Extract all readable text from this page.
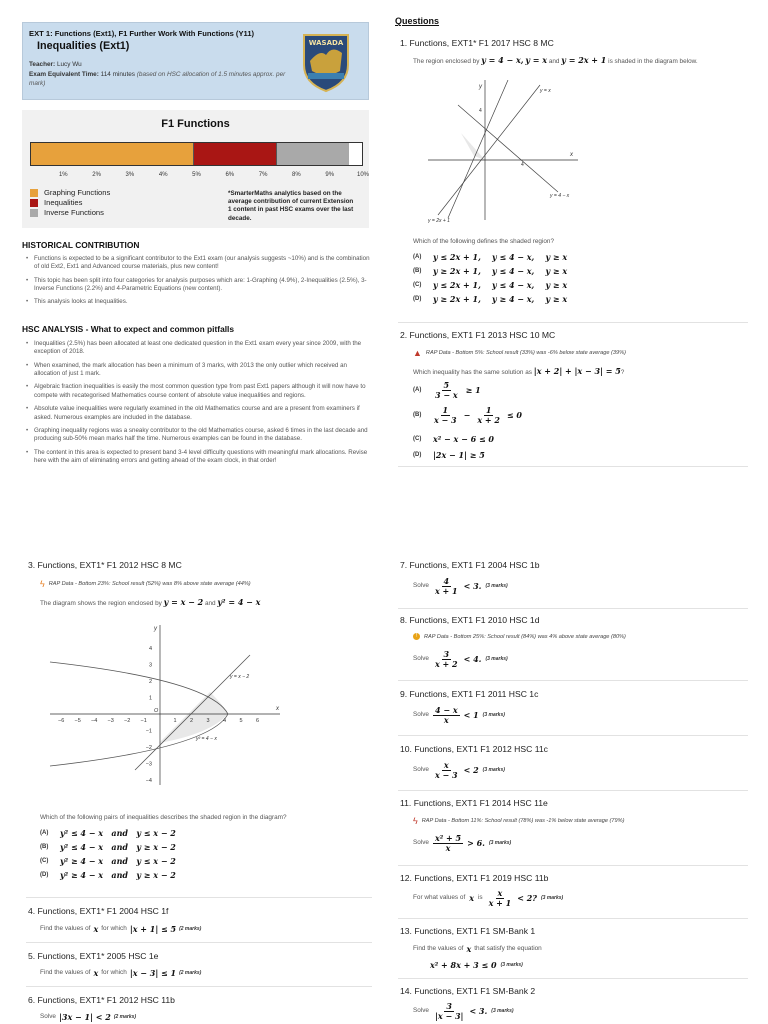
EXT 1: Functions (Ext1), F1 Further Work With Functions (Y11)
Inequalities (Ext1)
Teacher: Lucy Wu
Exam Equivalent Time: 114 minutes (based on HSC allocation of 1.5 minutes approx. per mark)
WASADA
F1 Functions
1%	2%	3%	4%	5%	6%	7%	8%	9%	10%
Graphing Functions
Inequalities
Inverse Functions
*SmarterMaths analytics based on the average contribution of current Extension 1 content in past HSC exams over the last decade.
HISTORICAL CONTRIBUTION
• Functions is expected to be a significant contributor to the Ext1 exam (our analysis suggests ~10%) and is the combination of old Ext2, Ext1 and Advanced course materials, plus new content!
• This topic has been split into four categories for analysis purposes which are: 1-Graphing (4.9%), 2-Inequalities (2.5%), 3-Inverse Functions (2.2%) and 4-Parametric Equations (new content).
• This analysis looks at Inequalities.
HSC ANALYSIS - What to expect and common pitfalls
• Inequalities (2.5%) has been allocated at least one dedicated question in the Ext1 exam every year since 2009, with the exception of 2018.
• When examined, the mark allocation has been a minimum of 3 marks, with 2013 the only outlier which received an allocation of just 1 mark.
• Algebraic fraction inequalities is easily the most common question type from past Ext1 papers although it will now have to compete with recategorised Mathematics course content of absolute value inequalities and regions.
• Absolute value inequalities were regularly examined in the old Mathematics course and are a present from examiners if asked. Numerous examples are included in the database.
• Graphing inequality regions was a sneaky contributor to the old Mathematics course, asked 6 times in the last decade and producing sub-50% mean marks half the time. Numerous examples can be found in the database.
• The content in this area is expected to present band 3-4 level difficulty questions with meaningful mark allocations. Revise here with the aim of eliminating errors and getting ahead of the exam clock, in that order!
Questions
1. Functions, EXT1* F1 2017 HSC 8 MC
The region enclosed by y = 4 − x, y = x and y = 2x + 1 is shaded in the diagram below.
y
x
4
4
y = x
y = 4 − x
y = 2x + 1
Which of the following defines the shaded region?
(A)	y ≤ 2x + 1,    y ≤ 4 − x,    y ≥ x
(B)	y ≥ 2x + 1,    y ≤ 4 − x,    y ≥ x
(C)	y ≤ 2x + 1,    y ≤ 4 − x,    y ≥ x
(D)	y ≥ 2x + 1,    y ≥ 4 − x,    y ≥ x
2. Functions, EXT1 F1 2013 HSC 10 MC
▲ RAP Data - Bottom 5%: School result (33%) was -6% below state average (39%)
Which inequality has the same solution as |x + 2| + |x − 3| = 5?
(A)	$\frac{5}{3 - x} \ge 1$
(B)	$\frac{1}{x - 3} - \frac{1}{x + 2} \le 0$
(C)	x² − x − 6 ≤ 0
(D)	|2x − 1| ≥ 5
3. Functions, EXT1* F1 2012 HSC 8 MC
ϟ RAP Data - Bottom 23%: School result (52%) was 8% above state average (44%)
The diagram shows the region enclosed by y = x − 2 and y² = 4 − x
−6 −5 −4 −3 −2 −1	1 2 3 4 5 6
4
3
2
1
−1
−2
−3
−4
y
x
O
y = x − 2
y² = 4 − x
Which of the following pairs of inequalities describes the shaded region in the diagram?
(A)	y² ≤ 4 − x   and   y ≤ x − 2
(B)	y² ≤ 4 − x   and   y ≥ x − 2
(C)	y² ≥ 4 − x   and   y ≤ x − 2
(D)	y² ≥ 4 − x   and   y ≥ x − 2
4. Functions, EXT1* F1 2004 HSC 1f
Find the values of x for which |x + 1| ≤ 5 (2 marks)
5. Functions, EXT1* 2005 HSC 1e
Find the values of x for which |x − 3| ≤ 1 (2 marks)
6. Functions, EXT1* F1 2012 HSC 11b
Solve |3x − 1| < 2 (2 marks)
7. Functions, EXT1 F1 2004 HSC 1b
Solve $\frac{4}{x + 1} < 3$. (3 marks)
8. Functions, EXT1 F1 2010 HSC 1d
!	RAP Data - Bottom 25%: School result (84%) was 4% above state average (80%)
Solve $\frac{3}{x + 2} < 4$. (3 marks)
9. Functions, EXT1 F1 2011 HSC 1c
Solve $\frac{4 - x}{x} < 1$ (3 marks)
10. Functions, EXT1 F1 2012 HSC 11c
Solve $\frac{x}{x - 3} < 2$ (3 marks)
11. Functions, EXT1 F1 2014 HSC 11e
ϟ RAP Data - Bottom 11%: School result (78%) was -1% below state average (79%)
Solve $\frac{\text{x² + 5}}{x} > 6$. (3 marks)
12. Functions, EXT1 F1 2019 HSC 11b
For what values of x is $\frac{x}{x + 1} < 2$? (3 marks)
13. Functions, EXT1 F1 SM-Bank 1
Find the values of x that satisfy the equation
x² + 8x + 3 ≤ 0 (3 marks)
14. Functions, EXT1 F1 SM-Bank 2
Solve $\frac{3}{|x - 3|} < 3$. (3 marks)
